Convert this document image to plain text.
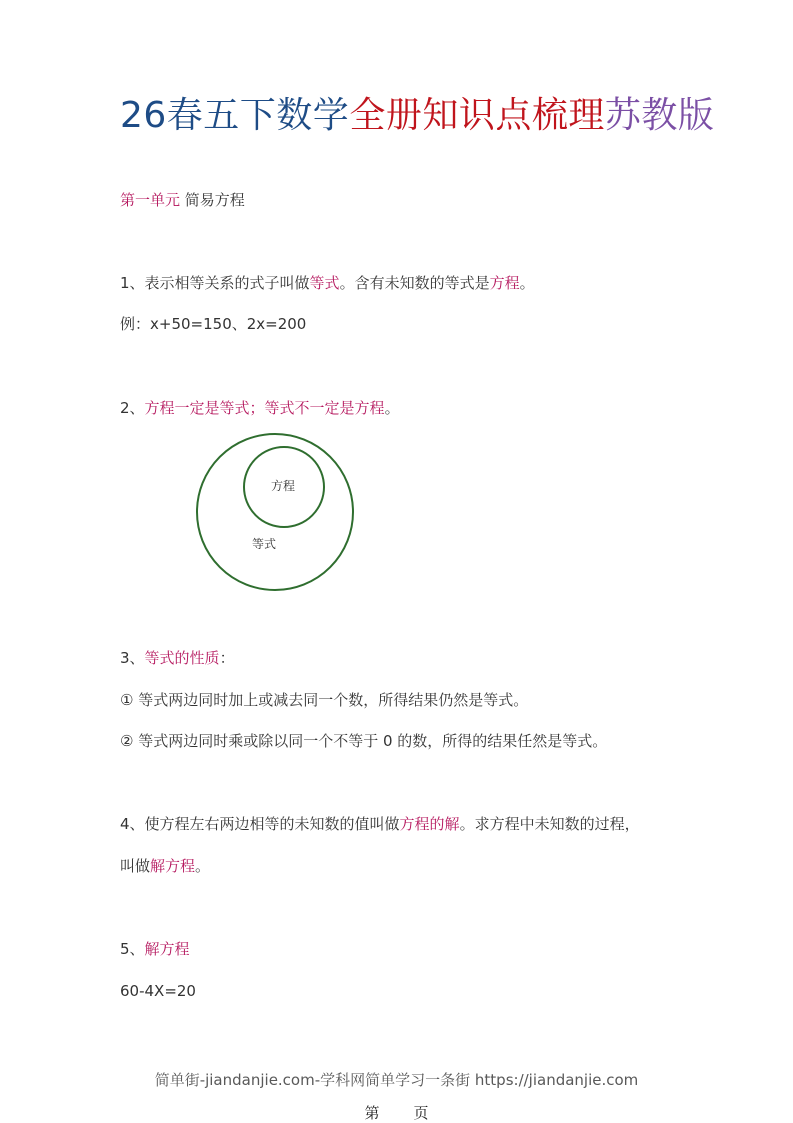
26春五下数学全册知识点梳理苏教版
第一单元 简易方程
1、表示相等关系的式子叫做等式。含有未知数的等式是方程。
例：x+50=150、2x=200
2、方程一定是等式；等式不一定是方程。
方程
等式
3、等式的性质：
① 等式两边同时加上或减去同一个数，所得结果仍然是等式。
② 等式两边同时乘或除以同一个不等于 0 的数，所得的结果任然是等式。
4、使方程左右两边相等的未知数的值叫做方程的解。求方程中未知数的过程，
叫做解方程。
5、解方程
60-4X=20
简单街-jiandanjie.com-学科网简单学习一条街 https://jiandanjie.com
第 页
